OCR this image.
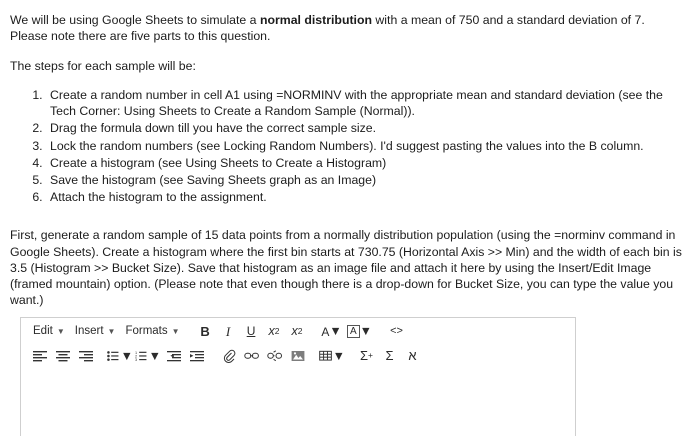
We will be using Google Sheets to simulate a normal distribution with a mean of 750 and a standard deviation of 7. Please note there are five parts to this question.

The steps for each sample will be:

1. Create a random number in cell A1 using =NORMINV with the appropriate mean and standard deviation (see the Tech Corner: Using Sheets to Create a Random Sample (Normal)).
2. Drag the formula down till you have the correct sample size.
3. Lock the random numbers (see Locking Random Numbers). I'd suggest pasting the values into the B column.
4. Create a histogram (see Using Sheets to Create a Histogram)
5. Save the histogram (see Saving Sheets graph as an Image)
6. Attach the histogram to the assignment.

First, generate a random sample of 15 data points from a normally distribution population (using the =norminv command in Google Sheets). Create a histogram where the first bin starts at 730.75 (Horizontal Axis >> Min) and the width of each bin is 3.5 (Histogram >> Bucket Size). Save that histogram as an image file and attach it here by using the Insert/Edit Image (framed mountain) option. (Please note that even though there is a drop-down for Bucket Size, you can type the value you want.)

Edit ▼ Insert ▼ Formats ▼ B I U x 2 x 2 A ▼ A ▼ <>
▼ 1
2
3 ▼	▼ Σ + Σ א
